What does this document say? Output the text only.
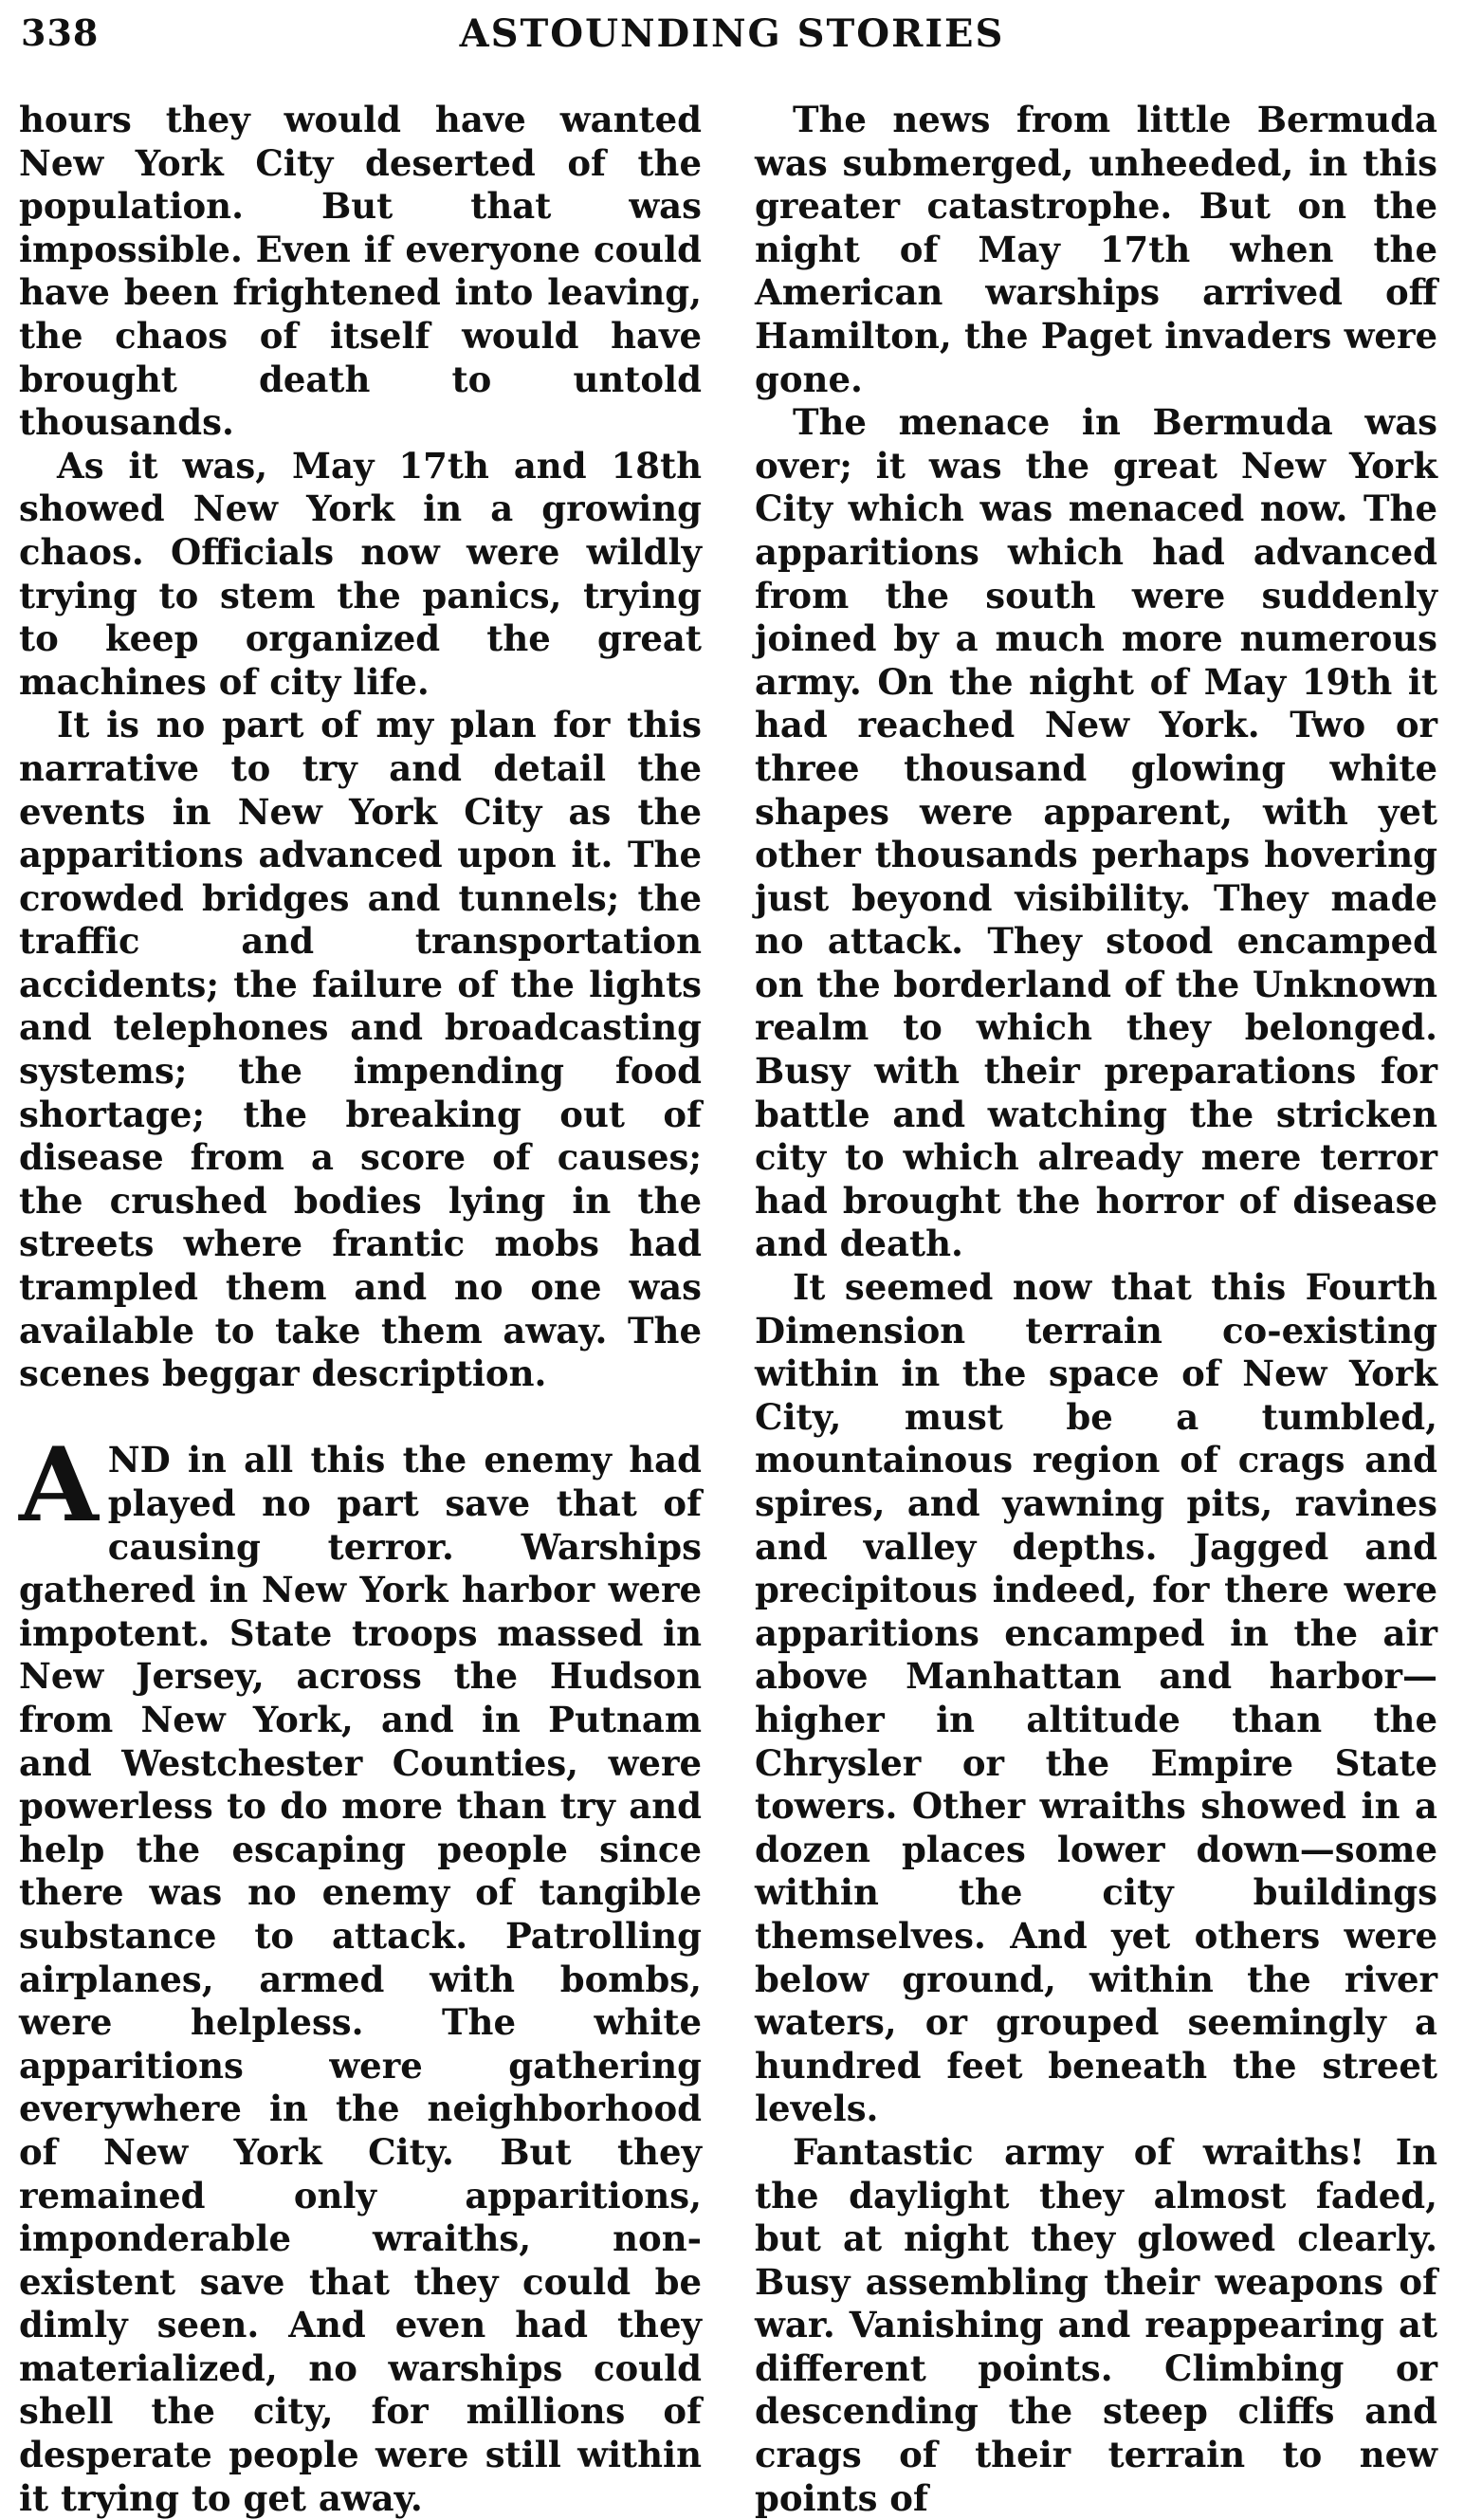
338	ASTOUNDING STORIES

hours they would have wanted New York City deserted of the population. But that was impossible. Even if everyone could have been frightened into leaving, the chaos of itself would have brought death to untold thousands.

As it was, May 17th and 18th showed New York in a growing chaos. Officials now were wildly trying to stem the panics, trying to keep organized the great machines of city life.

It is no part of my plan for this narrative to try and detail the events in New York City as the apparitions advanced upon it. The crowded bridges and tunnels; the traffic and transportation accidents; the failure of the lights and telephones and broadcasting systems; the impending food shortage; the breaking out of disease from a score of causes; the crushed bodies lying in the streets where frantic mobs had trampled them and no one was available to take them away. The scenes beggar description.

AND in all this the enemy had played no part save that of causing terror. Warships gathered in New York harbor were impotent. State troops massed in New Jersey, across the Hudson from New York, and in Putnam and Westchester Counties, were powerless to do more than try and help the escaping people since there was no enemy of tangible substance to attack. Patrolling airplanes, armed with bombs, were helpless. The white apparitions were gathering everywhere in the neighborhood of New York City. But they remained only apparitions, imponderable wraiths, non-existent save that they could be dimly seen. And even had they materialized, no warships could shell the city, for millions of desperate people were still within it trying to get away.

The news from little Bermuda was submerged, unheeded, in this greater catastrophe. But on the night of May 17th when the American warships arrived off Hamilton, the Paget invaders were gone.

The menace in Bermuda was over; it was the great New York City which was menaced now. The apparitions which had advanced from the south were suddenly joined by a much more numerous army. On the night of May 19th it had reached New York. Two or three thousand glowing white shapes were apparent, with yet other thousands perhaps hovering just beyond visibility. They made no attack. They stood encamped on the borderland of the Unknown realm to which they belonged. Busy with their preparations for battle and watching the stricken city to which already mere terror had brought the horror of disease and death.

It seemed now that this Fourth Dimension terrain co-existing within in the space of New York City, must be a tumbled, mountainous region of crags and spires, and yawning pits, ravines and valley depths. Jagged and precipitous indeed, for there were apparitions encamped in the air above Manhattan and harbor—higher in altitude than the Chrysler or the Empire State towers. Other wraiths showed in a dozen places lower down—some within the city buildings themselves. And yet others were below ground, within the river waters, or grouped seemingly a hundred feet beneath the street levels.

Fantastic army of wraiths! In the daylight they almost faded, but at night they glowed clearly. Busy assembling their weapons of war. Vanishing and reappearing at different points. Climbing or descending the steep cliffs and crags of their terrain to new points of
